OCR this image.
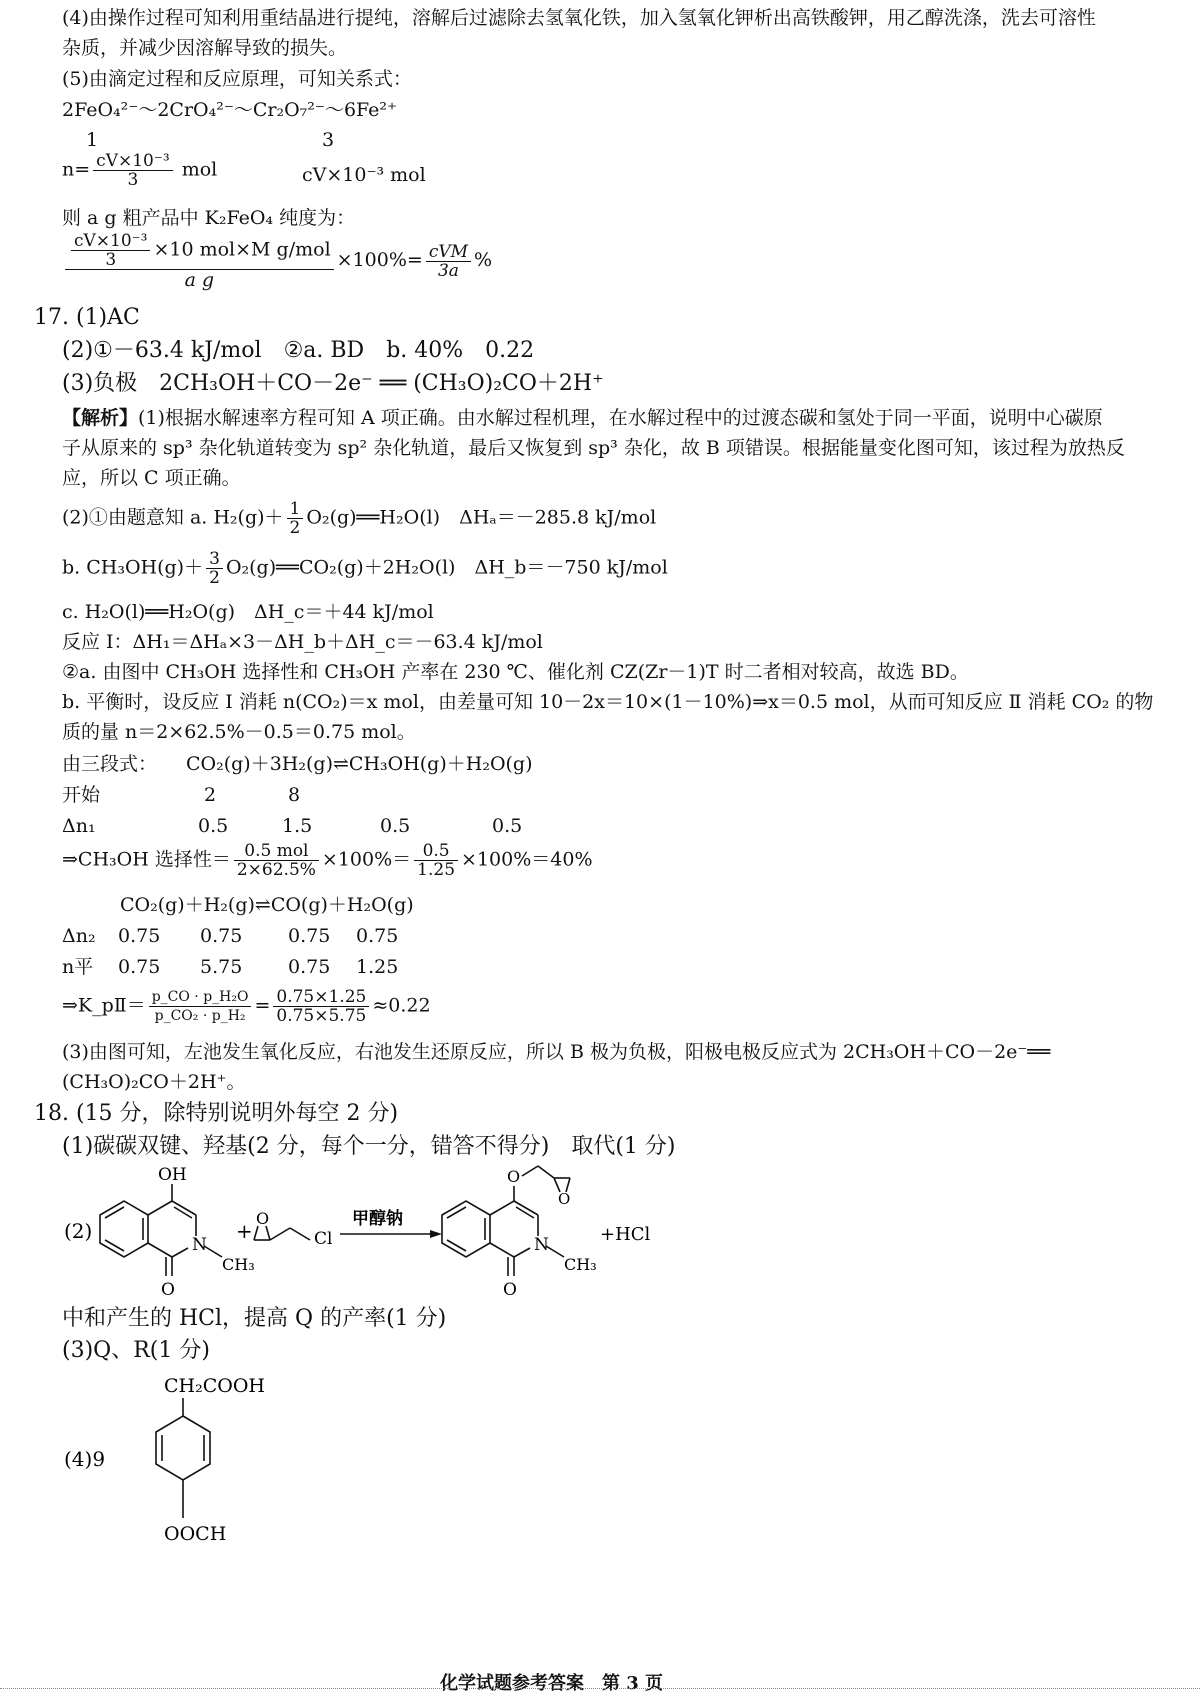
(4)由操作过程可知利用重结晶进行提纯，溶解后过滤除去氢氧化铁，加入氢氧化钾析出高铁酸钾，用乙醇洗涤，洗去可溶性
杂质，并减少因溶解导致的损失。
(5)由滴定过程和反应原理，可知关系式：
2FeO₄²⁻～2CrO₄²⁻～Cr₂O₇²⁻～6Fe²⁺
1	3
$n= \frac{\text{cV×10⁻³}}{3}$ mol	cV×10⁻³ mol
则 a g 粗产品中 K₂FeO₄ 纯度为：
$\frac{\frac{\text{cV×10⁻³}}{3} \times 10 mol\times M g/mol}{\text{a g}} \times 100\%= \frac{\text{cVM}}{3a}$ %
17. (1)AC
(2)①－63.4 kJ/mol　②a. BD　b. 40%　0.22
(3)负极　2CH₃OH＋CO－2e⁻ ══ (CH₃O)₂CO＋2H⁺
【解析】(1)根据水解速率方程可知 A 项正确。由水解过程机理，在水解过程中的过渡态碳和氢处于同一平面，说明中心碳原
子从原来的 sp³ 杂化轨道转变为 sp² 杂化轨道，最后又恢复到 sp³ 杂化，故 B 项错误。根据能量变化图可知，该过程为放热反
应，所以 C 项正确。
(2)①由题意知 a. $H_2(g)+ \frac{1}{2}$ O₂(g)══H₂O(l)　ΔHₐ＝－285.8 kJ/mol
b. $CH_3OH(g)+ \frac{3}{2}$ O₂(g)══CO₂(g)＋2H₂O(l)　ΔH_b＝－750 kJ/mol
c. H₂O(l)══H₂O(g)　ΔH_c＝＋44 kJ/mol
反应 Ⅰ：ΔH₁＝ΔHₐ×3－ΔH_b＋ΔH_c＝－63.4 kJ/mol
②a. 由图中 CH₃OH 选择性和 CH₃OH 产率在 230 ℃、催化剂 CZ(Zr－1)T 时二者相对较高，故选 BD。
b. 平衡时，设反应 Ⅰ 消耗 n(CO₂)＝x mol，由差量可知 10－2x＝10×(1－10%)⇒x＝0.5 mol，从而可知反应 Ⅱ 消耗 CO₂ 的物
质的量 n＝2×62.5%－0.5＝0.75 mol。
由三段式： CO₂(g)＋3H₂(g)⇌CH₃OH(g)＋H₂O(g)
开始	2	8
Δn₁	0.5	1.5	0.5	0.5
⇒CH₃OH 选择性＝ $\frac{\text{0.5 mol}}{2\times 62.5\%} \times 100\%= \frac{0.5}{1.25} \times 100\%=40\%$
CO₂(g)＋H₂(g)⇌CO(g)＋H₂O(g)
Δn₂ 0.75 0.75 0.75 0.75
n平 0.75 5.75 0.75 1.25
⇒K_pⅡ＝ $\frac{\text{p\_CO · p\_H₂O}}{\text{p\_CO₂ · p\_H₂}} = \frac{0.75\times 1.25}{0.75\times 5.75} \approx 0.22$
(3)由图可知，左池发生氧化反应，右池发生还原反应，所以 B 极为负极，阳极电极反应式为 2CH₃OH＋CO－2e⁻══
(CH₃O)₂CO＋2H⁺。
18. (15 分，除特别说明外每空 2 分)
(1)碳碳双键、羟基(2 分，每个一分，错答不得分)　取代(1 分)
(2)
OH
N
CH₃
O
+
O
Cl
甲醇钠
O
O
N
CH₃
O
+HCl
中和产生的 HCl，提高 Q 的产率(1 分)
(3)Q、R(1 分)
(4)9
CH₂COOH
OOCH
化学试题参考答案　第 3 页
